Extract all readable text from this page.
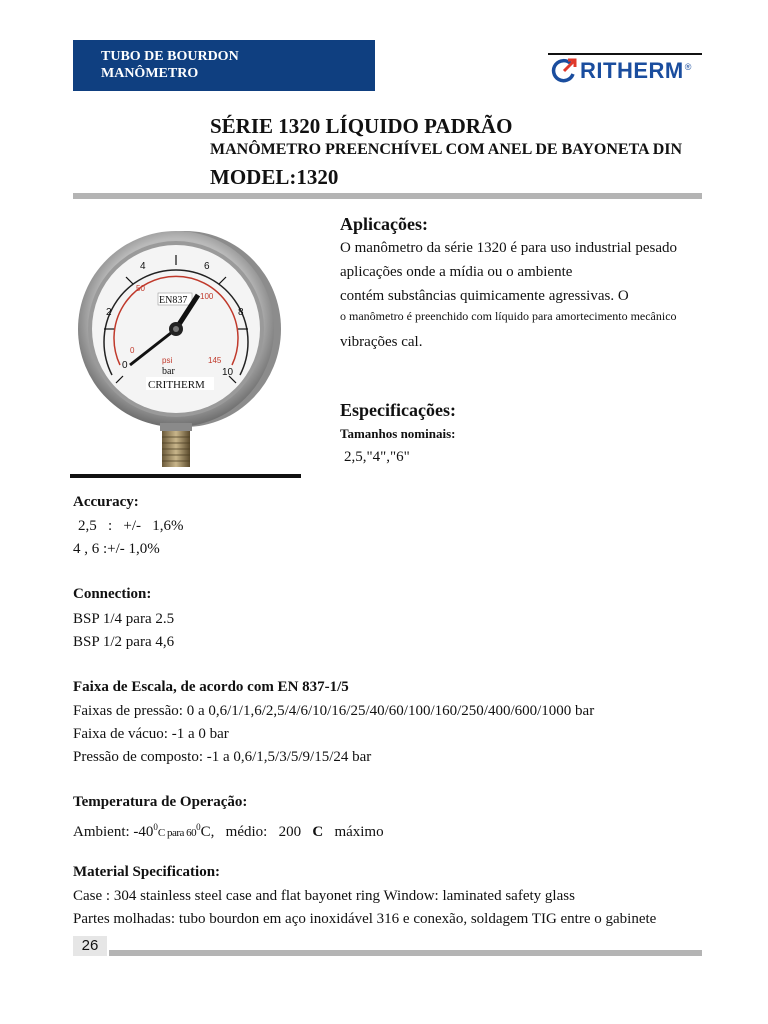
TUBO DE BOURDON
MANÔMETRO	RITHERM ®
SÉRIE 1320 LÍQUIDO PADRÃO
MANÔMETRO PREENCHÍVEL COM ANEL DE BAYONETA DIN
MODEL:1320
0
2
4	6
8
10
0
50
100
145
EN837
psi
bar
CRITHERM
Aplicações:
O manômetro da série 1320 é para uso industrial pesado
aplicações onde a mídia ou o ambiente
contém substâncias quimicamente agressivas. O
o manômetro é preenchido com líquido para amortecimento mecânico
vibrações cal.
Especificações:
Tamanhos nominais:
2,5,"4","6"
Accuracy:
2,5   :   +/-   1,6%
4 , 6 :+/- 1,0%
Connection:
BSP 1/4 para 2.5
BSP 1/2 para 4,6
Faixa de Escala, de acordo com EN 837-1/5
Faixas de pressão: 0 a 0,6/1/1,6/2,5/4/6/10/16/25/40/60/100/160/250/400/600/1000 bar
Faixa de vácuo: -1 a 0 bar
Pressão de composto: -1 a 0,6/1,5/3/5/9/15/24 bar
Temperatura de Operação:
Ambient: $-40^0C$ para $60^0C$,   médio:   200 C máximo
Material Specification:
Case : 304 stainless steel case and flat bayonet ring Window: laminated safety glass
Partes molhadas: tubo bourdon em aço inoxidável 316 e conexão, soldagem TIG entre o gabinete
26
